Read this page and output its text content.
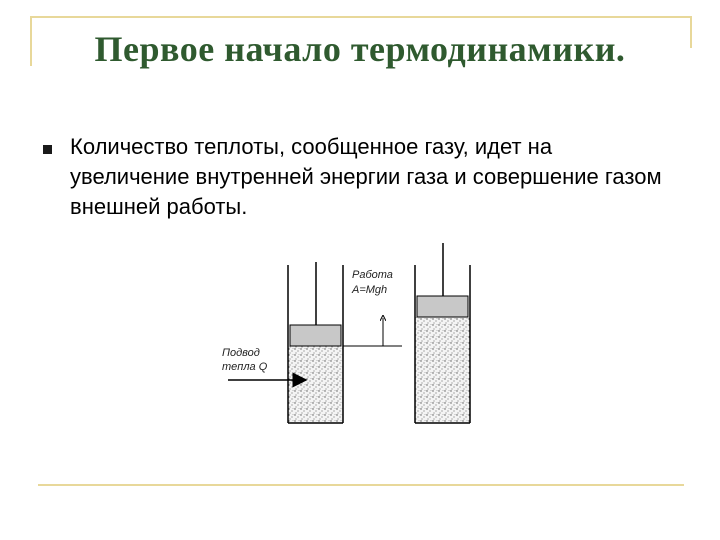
Первое начало термодинамики.
Количество теплоты, сообщенное газу, идет на увеличение внутренней энергии газа и совершение газом внешней работы.
Работа
A=Mgh
Подвод
тепла Q
